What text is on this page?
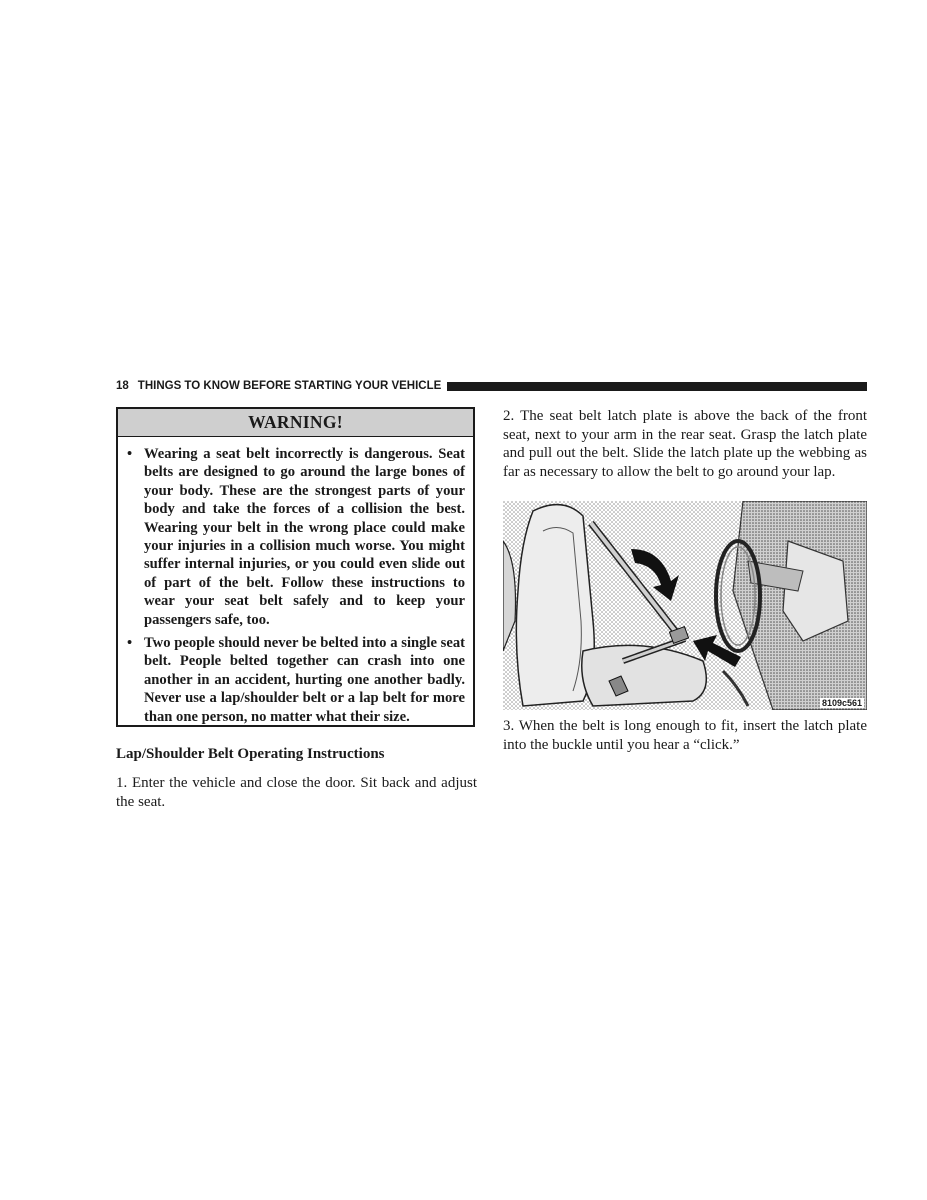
18 THINGS TO KNOW BEFORE STARTING YOUR VEHICLE
WARNING!
• Wearing a seat belt incorrectly is dangerous. Seat belts are designed to go around the large bones of your body. These are the strongest parts of your body and take the forces of a collision the best. Wearing your belt in the wrong place could make your injuries in a collision much worse. You might suffer internal injuries, or you could even slide out of part of the belt. Follow these instructions to wear your seat belt safely and to keep your passengers safe, too.
• Two people should never be belted into a single seat belt. People belted together can crash into one another in an accident, hurting one another badly. Never use a lap/shoulder belt or a lap belt for more than one person, no matter what their size.
Lap/Shoulder Belt Operating Instructions
1. Enter the vehicle and close the door. Sit back and adjust the seat.
2. The seat belt latch plate is above the back of the front seat, next to your arm in the rear seat. Grasp the latch plate and pull out the belt. Slide the latch plate up the webbing as far as necessary to allow the belt to go around your lap.
8109c561
3. When the belt is long enough to fit, insert the latch plate into the buckle until you hear a “click.”
